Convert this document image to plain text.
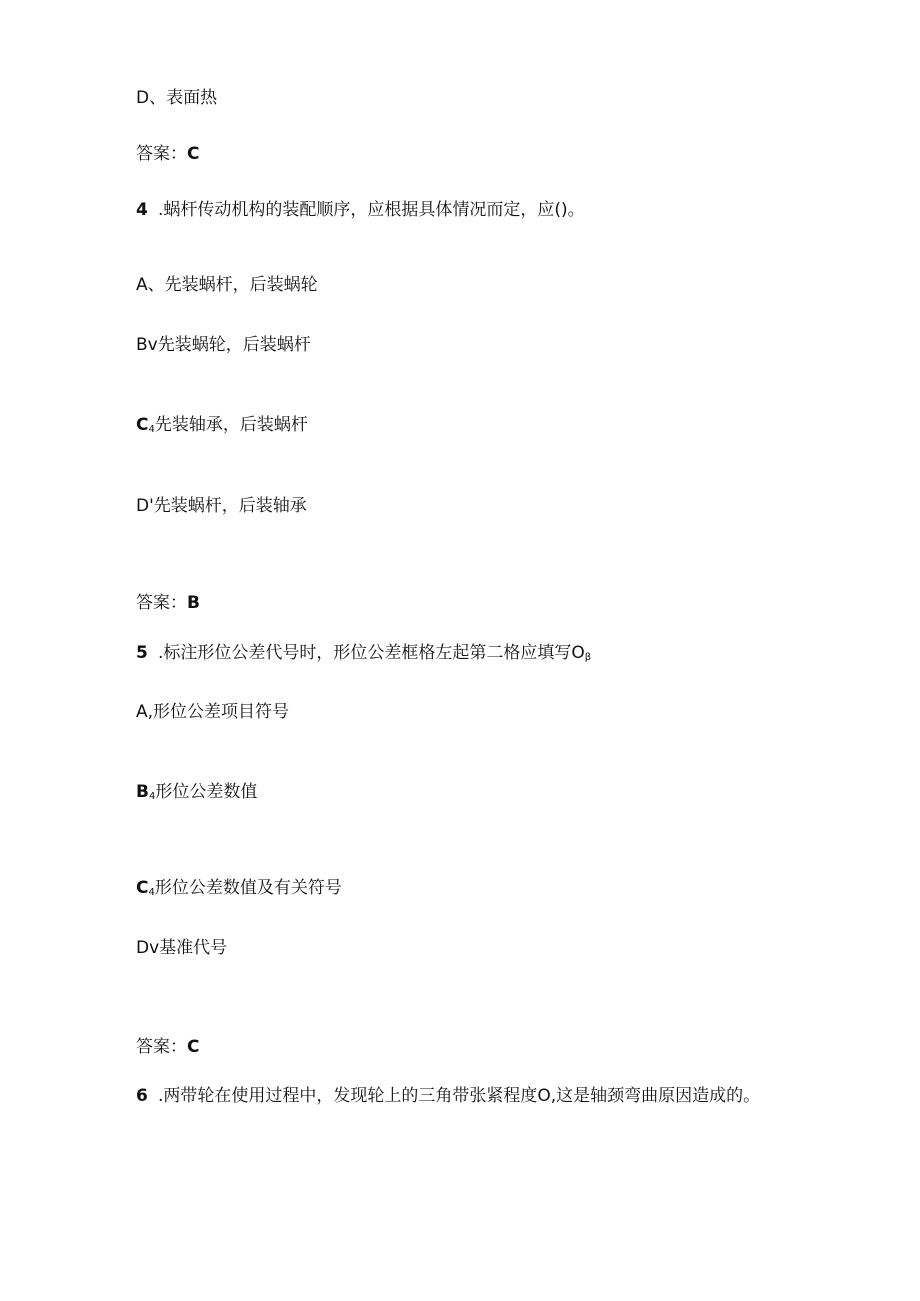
D、表面热
答案：C
4 .蜗杆传动机构的装配顺序，应根据具体情况而定，应()。
A、先装蜗杆，后装蜗轮
Bv先装蜗轮，后装蜗杆
$C_4$先装轴承，后装蜗杆
D'先装蜗杆，后装轴承
答案：B
5 .标注形位公差代号时，形位公差框格左起第二格应填写$O_\beta$
A,形位公差项目符号
$B_4$形位公差数值
$C_4$形位公差数值及有关符号
Dv基准代号
答案：C
6 .两带轮在使用过程中，发现轮上的三角带张紧程度O,这是轴颈弯曲原因造成的。
